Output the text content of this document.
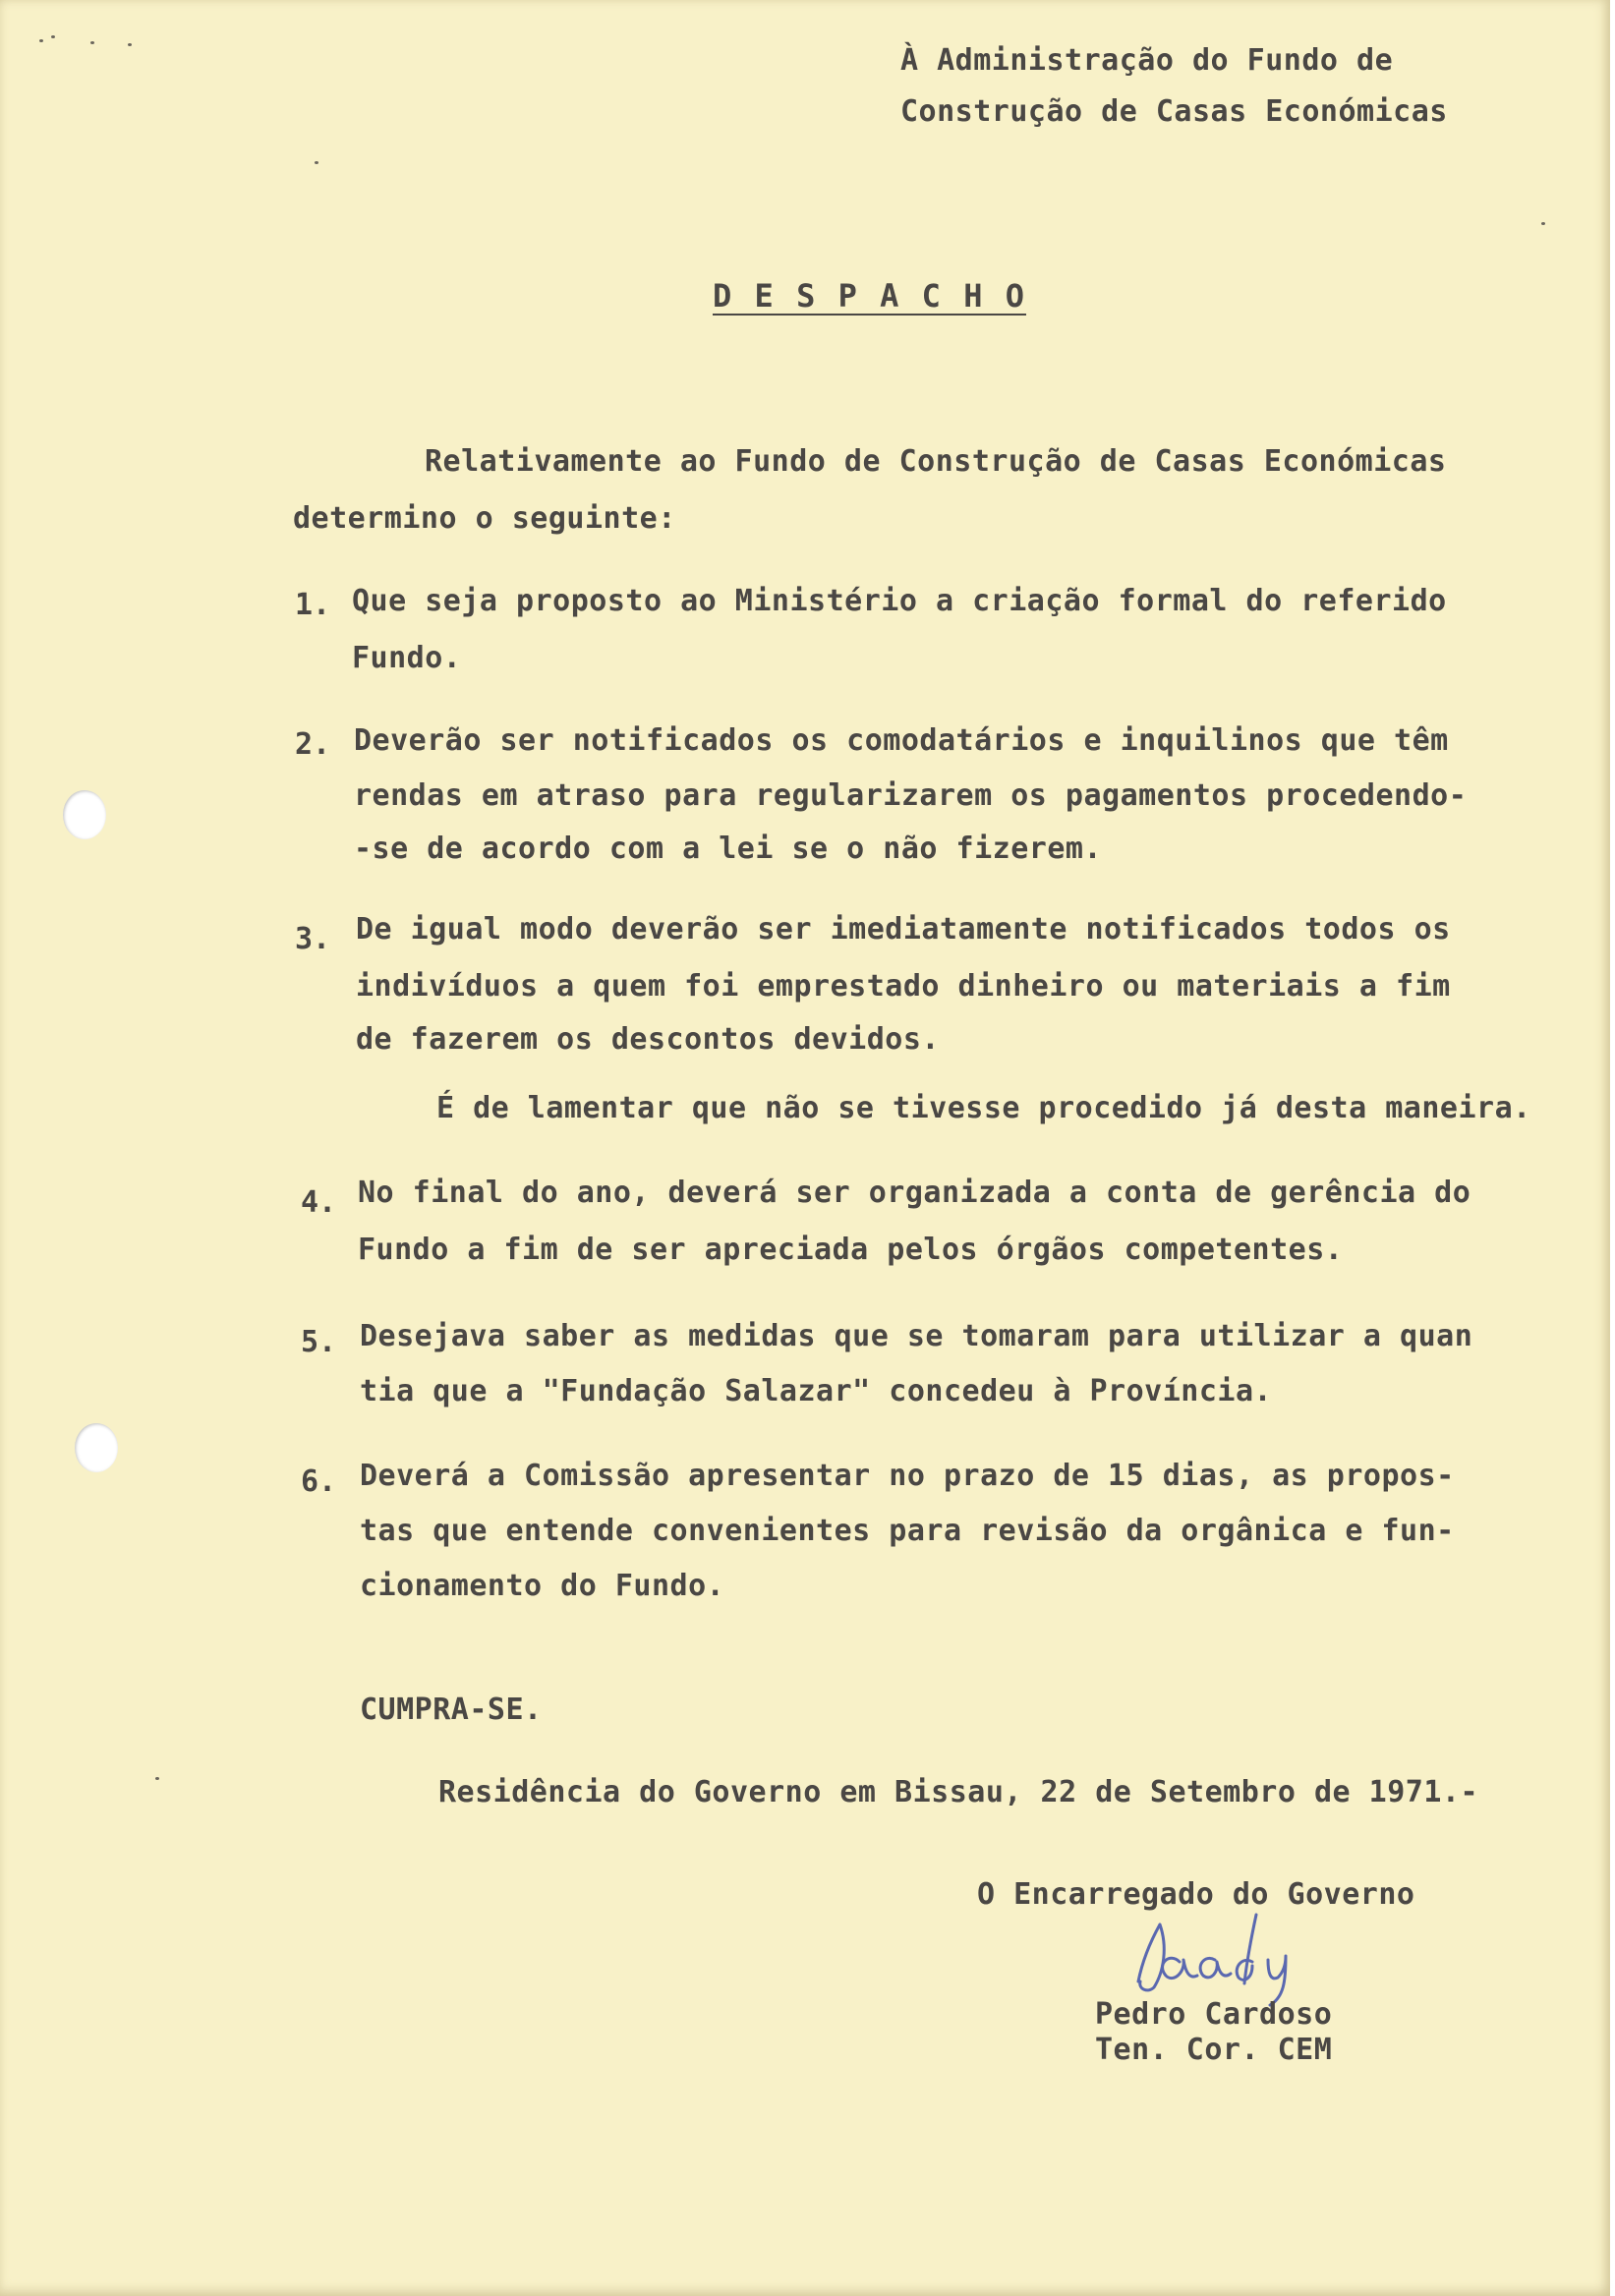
À Administração do Fundo de
Construção de Casas Económicas
D E S P A C H O
Relativamente ao Fundo de Construção de Casas Económicas
determino o seguinte:
1. Que seja proposto ao Ministério a criação formal do referido
Fundo.
2. Deverão ser notificados os comodatários e inquilinos que têm
rendas em atraso para regularizarem os pagamentos procedendo-
-se de acordo com a lei se o não fizerem.
3. De igual modo deverão ser imediatamente notificados todos os
indivíduos a quem foi emprestado dinheiro ou materiais a fim
de fazerem os descontos devidos.
É de lamentar que não se tivesse procedido já desta maneira.
4. No final do ano, deverá ser organizada a conta de gerência do
Fundo a fim de ser apreciada pelos órgãos competentes.
5. Desejava saber as medidas que se tomaram para utilizar a quan
tia que a "Fundação Salazar" concedeu à Província.
6. Deverá a Comissão apresentar no prazo de 15 dias, as propos-
tas que entende convenientes para revisão da orgânica e fun-
cionamento do Fundo.
CUMPRA-SE.
Residência do Governo em Bissau, 22 de Setembro de 1971.-
O Encarregado do Governo
Pedro Cardoso
Ten. Cor. CEM
